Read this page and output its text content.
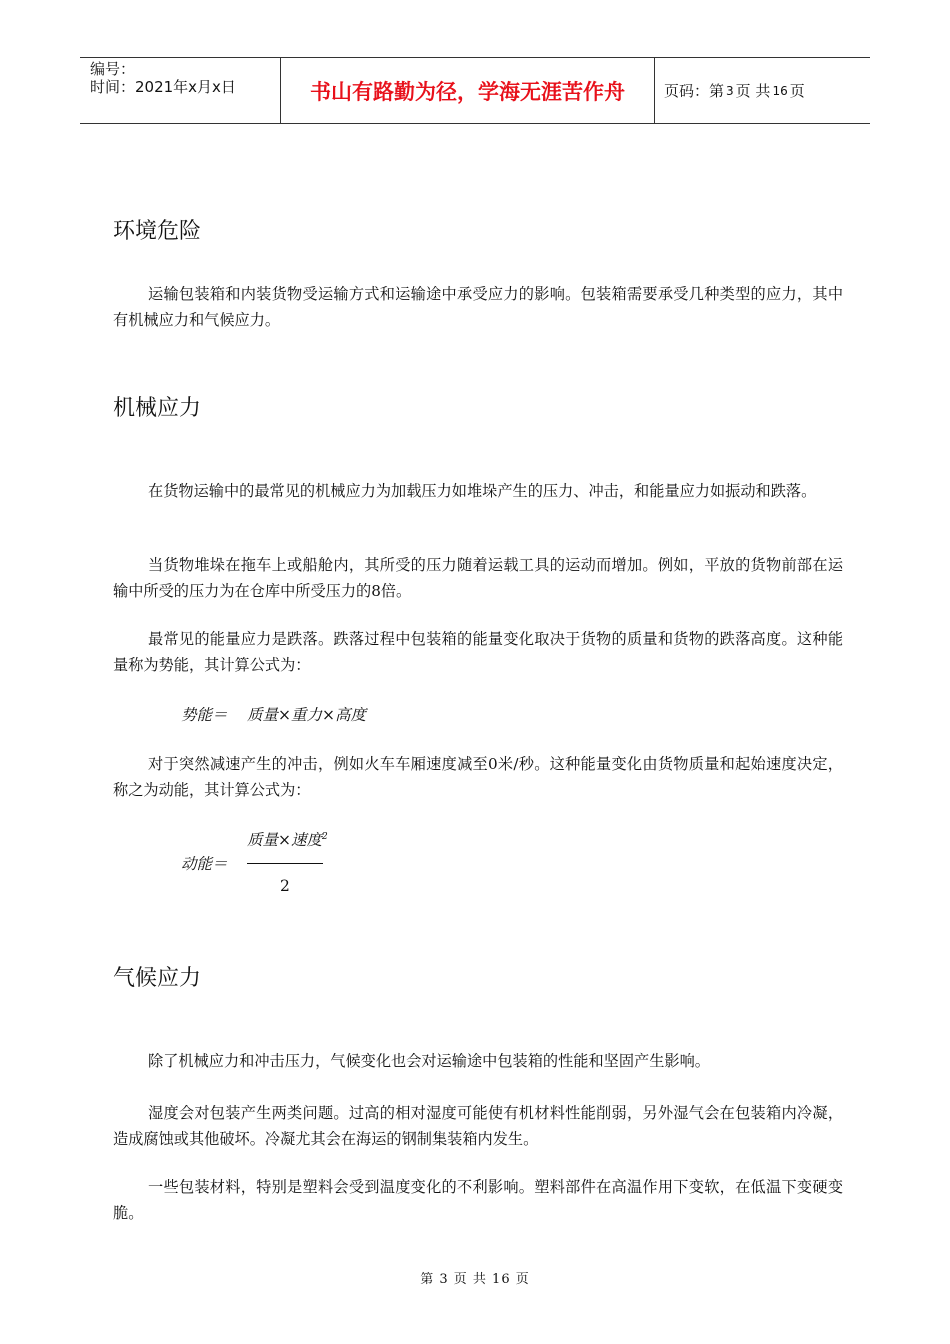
编号：
时间：2021年x月x日	书山有路勤为径，学海无涯苦作舟	页码：第 3 页 共 16 页
环境危险

运输包装箱和内装货物受运输方式和运输途中承受应力的影响。包装箱需要承受几种类型的应力，其中有机械应力和气候应力。

机械应力

在货物运输中的最常见的机械应力为加载压力如堆垛产生的压力、冲击，和能量应力如振动和跌落。

当货物堆垛在拖车上或船舱内，其所受的压力随着运载工具的运动而增加。例如，平放的货物前部在运输中所受的压力为在仓库中所受压力的8倍。

最常见的能量应力是跌落。跌落过程中包装箱的能量变化取决于货物的质量和货物的跌落高度。这种能量称为势能，其计算公式为：

势能＝ 质量×重力×高度

对于突然减速产生的冲击，例如火车车厢速度减至0米/秒。这种能量变化由货物质量和起始速度决定，称之为动能，其计算公式为：

质量×速度$^2$
动能＝
2
气候应力

除了机械应力和冲击压力，气候变化也会对运输途中包装箱的性能和坚固产生影响。

湿度会对包装产生两类问题。过高的相对湿度可能使有机材料性能削弱，另外湿气会在包装箱内冷凝，造成腐蚀或其他破坏。冷凝尤其会在海运的钢制集装箱内发生。

一些包装材料，特别是塑料会受到温度变化的不利影响。塑料部件在高温作用下变软，在低温下变硬变脆。

第 3 页 共 16 页
